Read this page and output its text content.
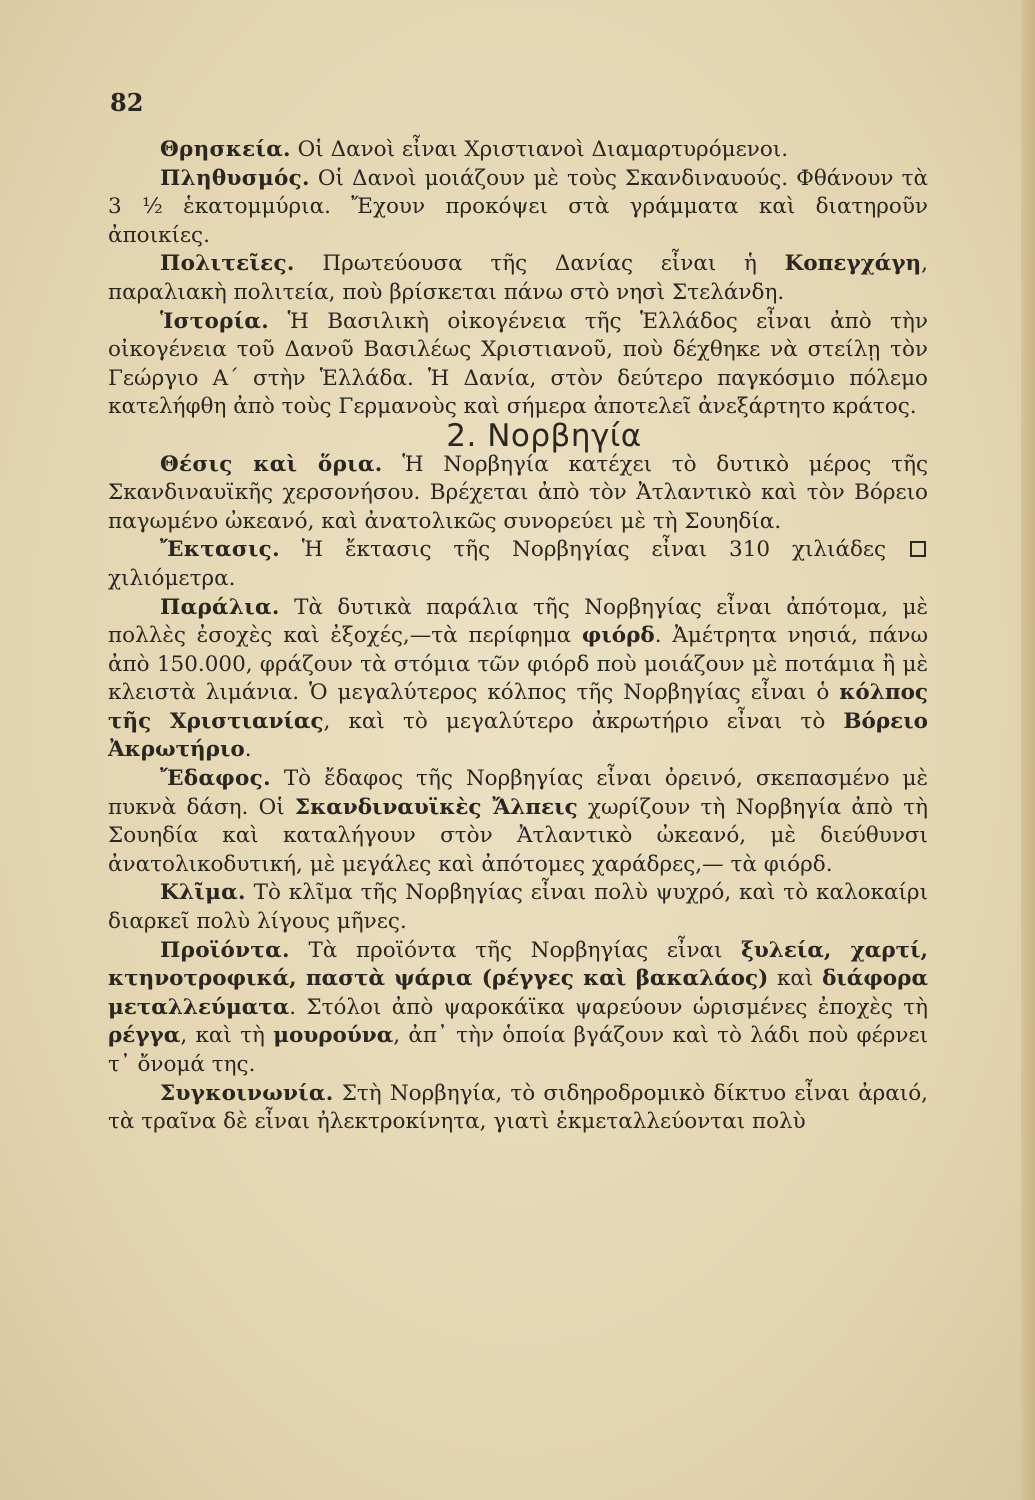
82

Θρησκεία. Οἱ Δανοὶ εἶναι Χριστιανοὶ Διαμαρτυρόμενοι.

Πληθυσμός. Οἱ Δανοὶ μοιάζουν μὲ τοὺς Σκανδιναυούς. Φθάνουν τὰ 3 ½ ἑκατομμύρια. Ἔχουν προκόψει στὰ γράμματα καὶ διατηροῦν ἀποικίες.

Πολιτεῖες. Πρωτεύουσα τῆς Δανίας εἶναι ἡ Κοπεγχάγη, παραλιακὴ πολιτεία, ποὺ βρίσκεται πάνω στὸ νησὶ Στελάνδη.

Ἱστορία. Ἡ Βασιλικὴ οἰκογένεια τῆς Ἑλλάδος εἶναι ἀπὸ τὴν οἰκογένεια τοῦ Δανοῦ Βασιλέως Χριστιανοῦ, ποὺ δέχθηκε νὰ στείλῃ τὸν Γεώργιο Α΄ στὴν Ἑλλάδα. Ἡ Δανία, στὸν δεύτερο παγκόσμιο πόλεμο κατελήφθη ἀπὸ τοὺς Γερμανοὺς καὶ σήμερα ἀποτελεῖ ἀνεξάρτητο κράτος.

2. Νορβηγία

Θέσις καὶ ὅρια. Ἡ Νορβηγία κατέχει τὸ δυτικὸ μέρος τῆς Σκανδιναυϊκῆς χερσονήσου. Βρέχεται ἀπὸ τὸν Ἀτλαντικὸ καὶ τὸν Βόρειο παγωμένο ὠκεανό, καὶ ἀνατολικῶς συνορεύει μὲ τὴ Σουηδία.

Ἔκτασις. Ἡ ἔκτασις τῆς Νορβηγίας εἶναι 310 χιλιάδες  χιλιόμετρα.

Παράλια. Τὰ δυτικὰ παράλια τῆς Νορβηγίας εἶναι ἀπότομα, μὲ πολλὲς ἐσοχὲς καὶ ἐξοχές,—τὰ περίφημα φιόρδ. Ἀμέτρητα νησιά, πάνω ἀπὸ 150.000, φράζουν τὰ στόμια τῶν φιόρδ ποὺ μοιάζουν μὲ ποτάμια ἢ μὲ κλειστὰ λιμάνια. Ὁ μεγαλύτερος κόλπος τῆς Νορβηγίας εἶναι ὁ κόλπος τῆς Χριστιανίας, καὶ τὸ μεγαλύτερο ἀκρωτήριο εἶναι τὸ Βόρειο Ἀκρωτήριο.

Ἔδαφος. Τὸ ἔδαφος τῆς Νορβηγίας εἶναι ὀρεινό, σκεπασμένο μὲ πυκνὰ δάση. Οἱ Σκανδιναυϊκὲς Ἄλπεις χωρίζουν τὴ Νορβηγία ἀπὸ τὴ Σουηδία καὶ καταλήγουν στὸν Ἀτλαντικὸ ὠκεανό, μὲ διεύθυνσι ἀνατολικοδυτική, μὲ μεγάλες καὶ ἀπότομες χαράδρες,— τὰ φιόρδ.

Κλῖμα. Τὸ κλῖμα τῆς Νορβηγίας εἶναι πολὺ ψυχρό, καὶ τὸ καλοκαίρι διαρκεῖ πολὺ λίγους μῆνες.

Προϊόντα. Τὰ προϊόντα τῆς Νορβηγίας εἶναι ξυλεία, χαρτί, κτηνοτροφικά, παστὰ ψάρια (ρέγγες καὶ βακαλάος) καὶ διάφορα μεταλλεύματα. Στόλοι ἀπὸ ψαροκάϊκα ψαρεύουν ὡρισμένες ἐποχὲς τὴ ρέγγα, καὶ τὴ μουρούνα, ἀπ᾽ τὴν ὁποία βγάζουν καὶ τὸ λάδι ποὺ φέρνει τ᾽ ὄνομά της.

Συγκοινωνία. Στὴ Νορβηγία, τὸ σιδηροδρομικὸ δίκτυο εἶναι ἀραιό, τὰ τραῖνα δὲ εἶναι ἠλεκτροκίνητα, γιατὶ ἐκμεταλλεύονται πολὺ
